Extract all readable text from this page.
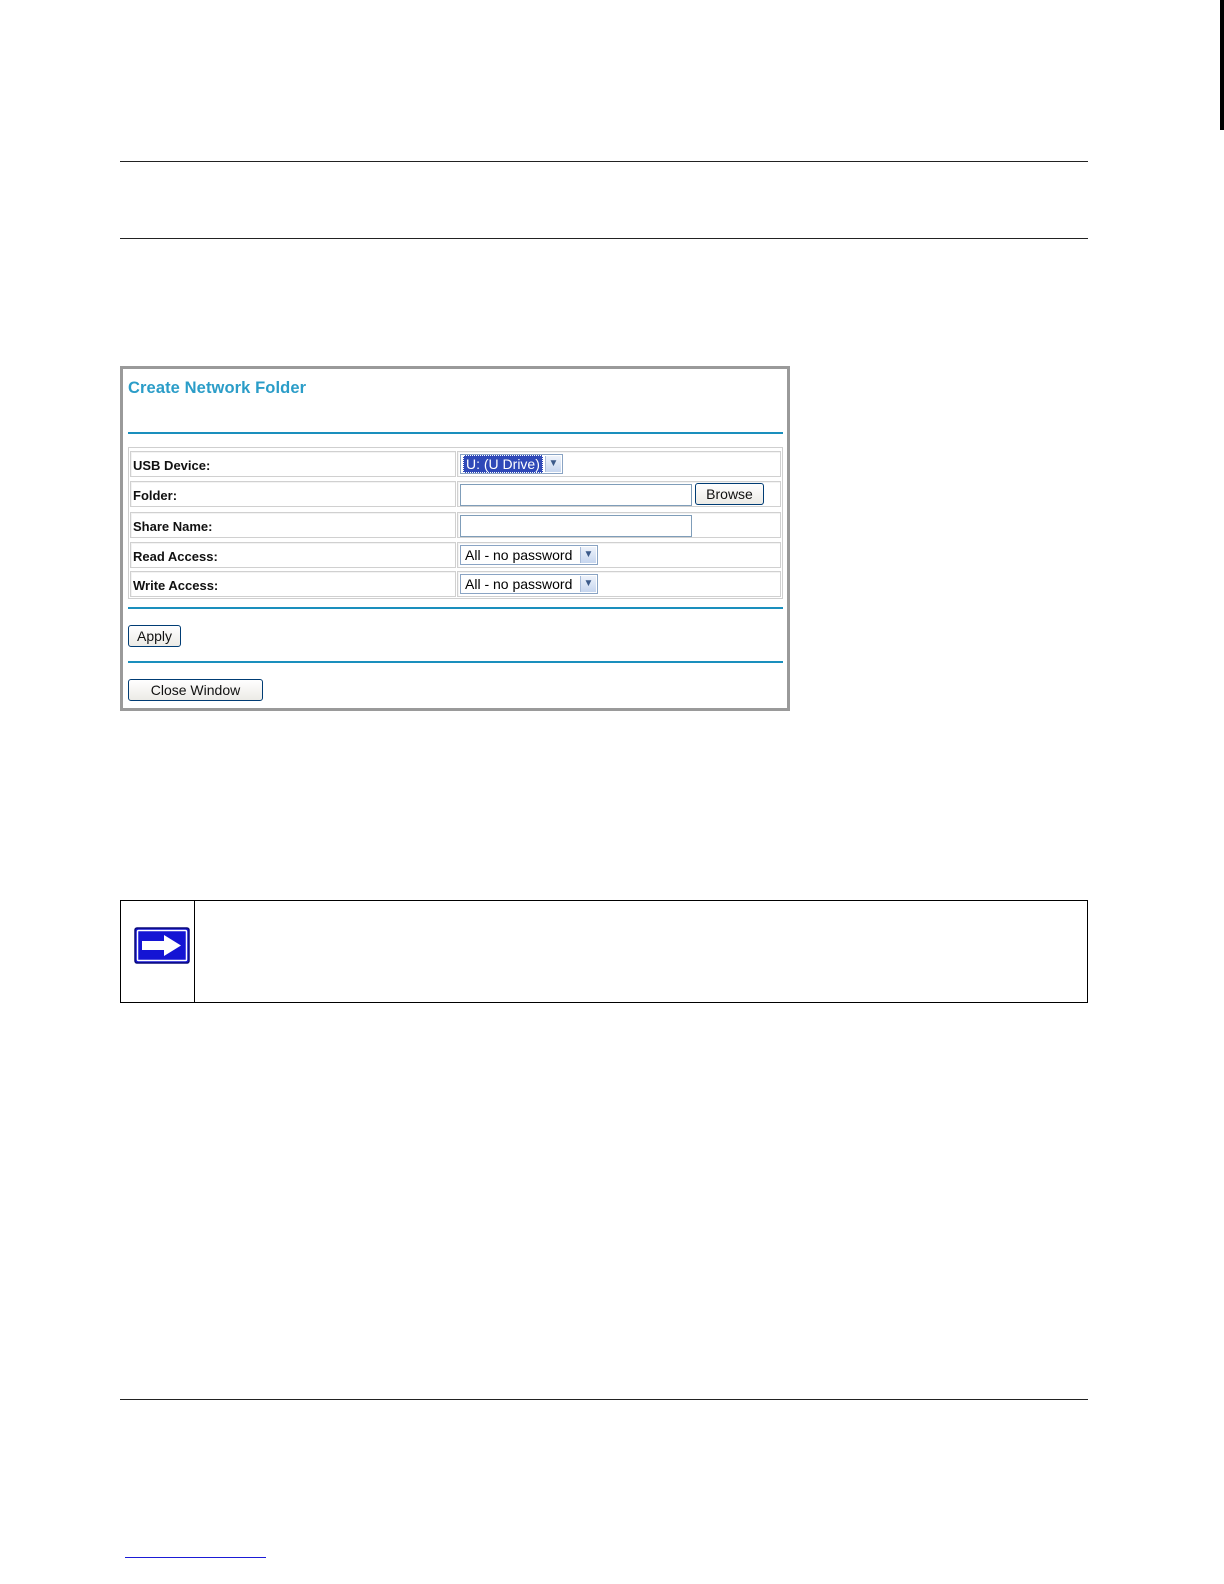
Create Network Folder
USB Device:	U: (U Drive) ▼
Folder:	Browse
Share Name:
Read Access:	All - no password	▼
Write Access:	All - no password	▼
Apply
Close Window
